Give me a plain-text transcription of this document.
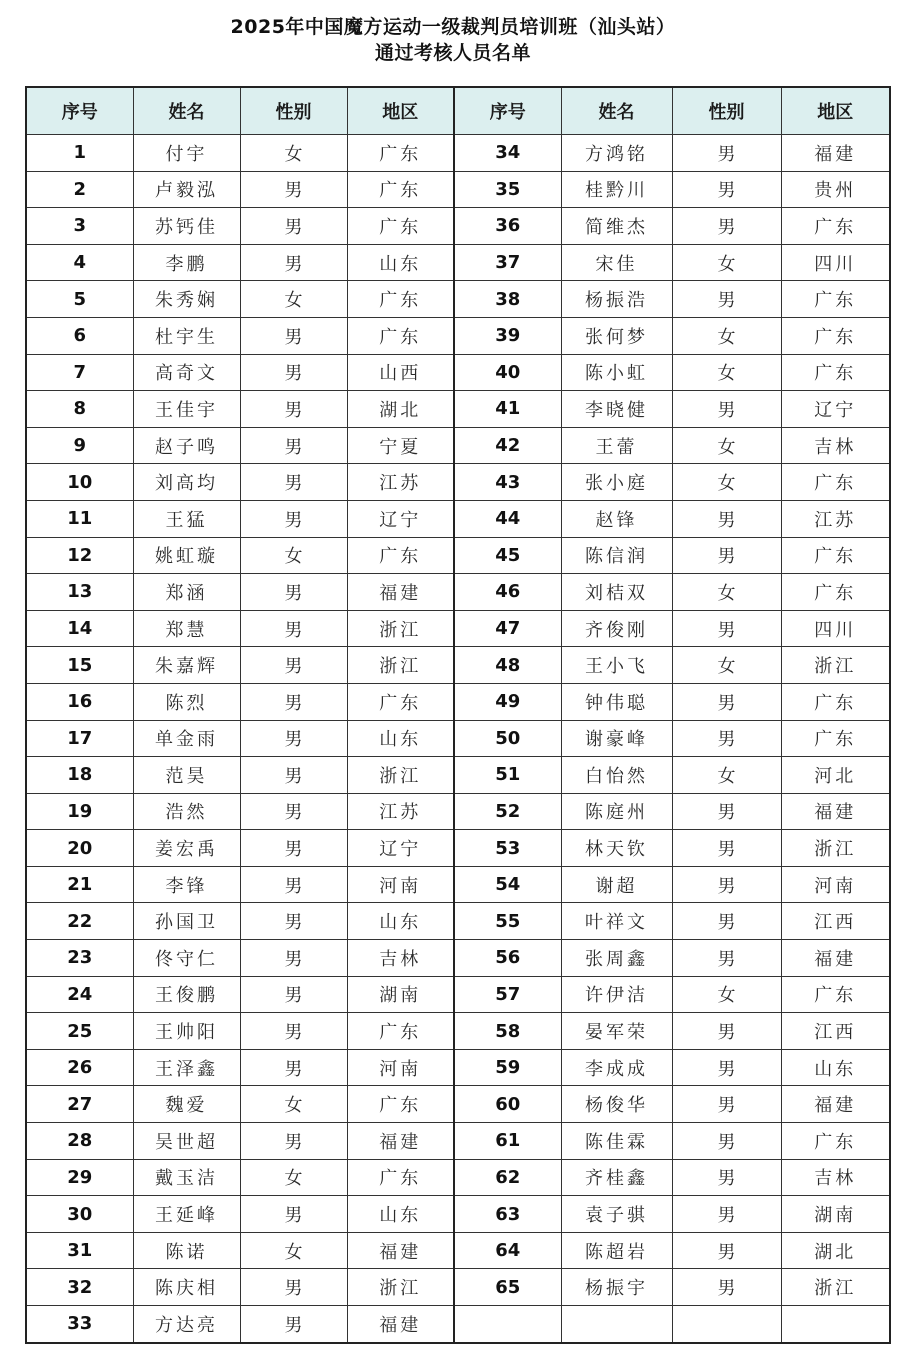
2025年中国魔方运动一级裁判员培训班（汕头站）
通过考核人员名单
序号	姓名	性别	地区	序号	姓名	性别	地区
1	付宇	女	广东	34	方鸿铭	男	福建
2	卢毅泓	男	广东	35	桂黔川	男	贵州
3	苏钙佳	男	广东	36	简维杰	男	广东
4	李鹏	男	山东	37	宋佳	女	四川
5	朱秀娴	女	广东	38	杨振浩	男	广东
6	杜宇生	男	广东	39	张何梦	女	广东
7	高奇文	男	山西	40	陈小虹	女	广东
8	王佳宇	男	湖北	41	李晓健	男	辽宁
9	赵子鸣	男	宁夏	42	王蕾	女	吉林
10	刘高均	男	江苏	43	张小庭	女	广东
11	王猛	男	辽宁	44	赵锋	男	江苏
12	姚虹璇	女	广东	45	陈信润	男	广东
13	郑涵	男	福建	46	刘桔双	女	广东
14	郑慧	男	浙江	47	齐俊刚	男	四川
15	朱嘉辉	男	浙江	48	王小飞	女	浙江
16	陈烈	男	广东	49	钟伟聪	男	广东
17	单金雨	男	山东	50	谢豪峰	男	广东
18	范昊	男	浙江	51	白怡然	女	河北
19	浩然	男	江苏	52	陈庭州	男	福建
20	姜宏禹	男	辽宁	53	林天钦	男	浙江
21	李锋	男	河南	54	谢超	男	河南
22	孙国卫	男	山东	55	叶祥文	男	江西
23	佟守仁	男	吉林	56	张周鑫	男	福建
24	王俊鹏	男	湖南	57	许伊洁	女	广东
25	王帅阳	男	广东	58	晏军荣	男	江西
26	王泽鑫	男	河南	59	李成成	男	山东
27	魏爱	女	广东	60	杨俊华	男	福建
28	吴世超	男	福建	61	陈佳霖	男	广东
29	戴玉洁	女	广东	62	齐桂鑫	男	吉林
30	王延峰	男	山东	63	袁子骐	男	湖南
31	陈诺	女	福建	64	陈超岩	男	湖北
32	陈庆相	男	浙江	65	杨振宇	男	浙江
33	方达亮	男	福建				
